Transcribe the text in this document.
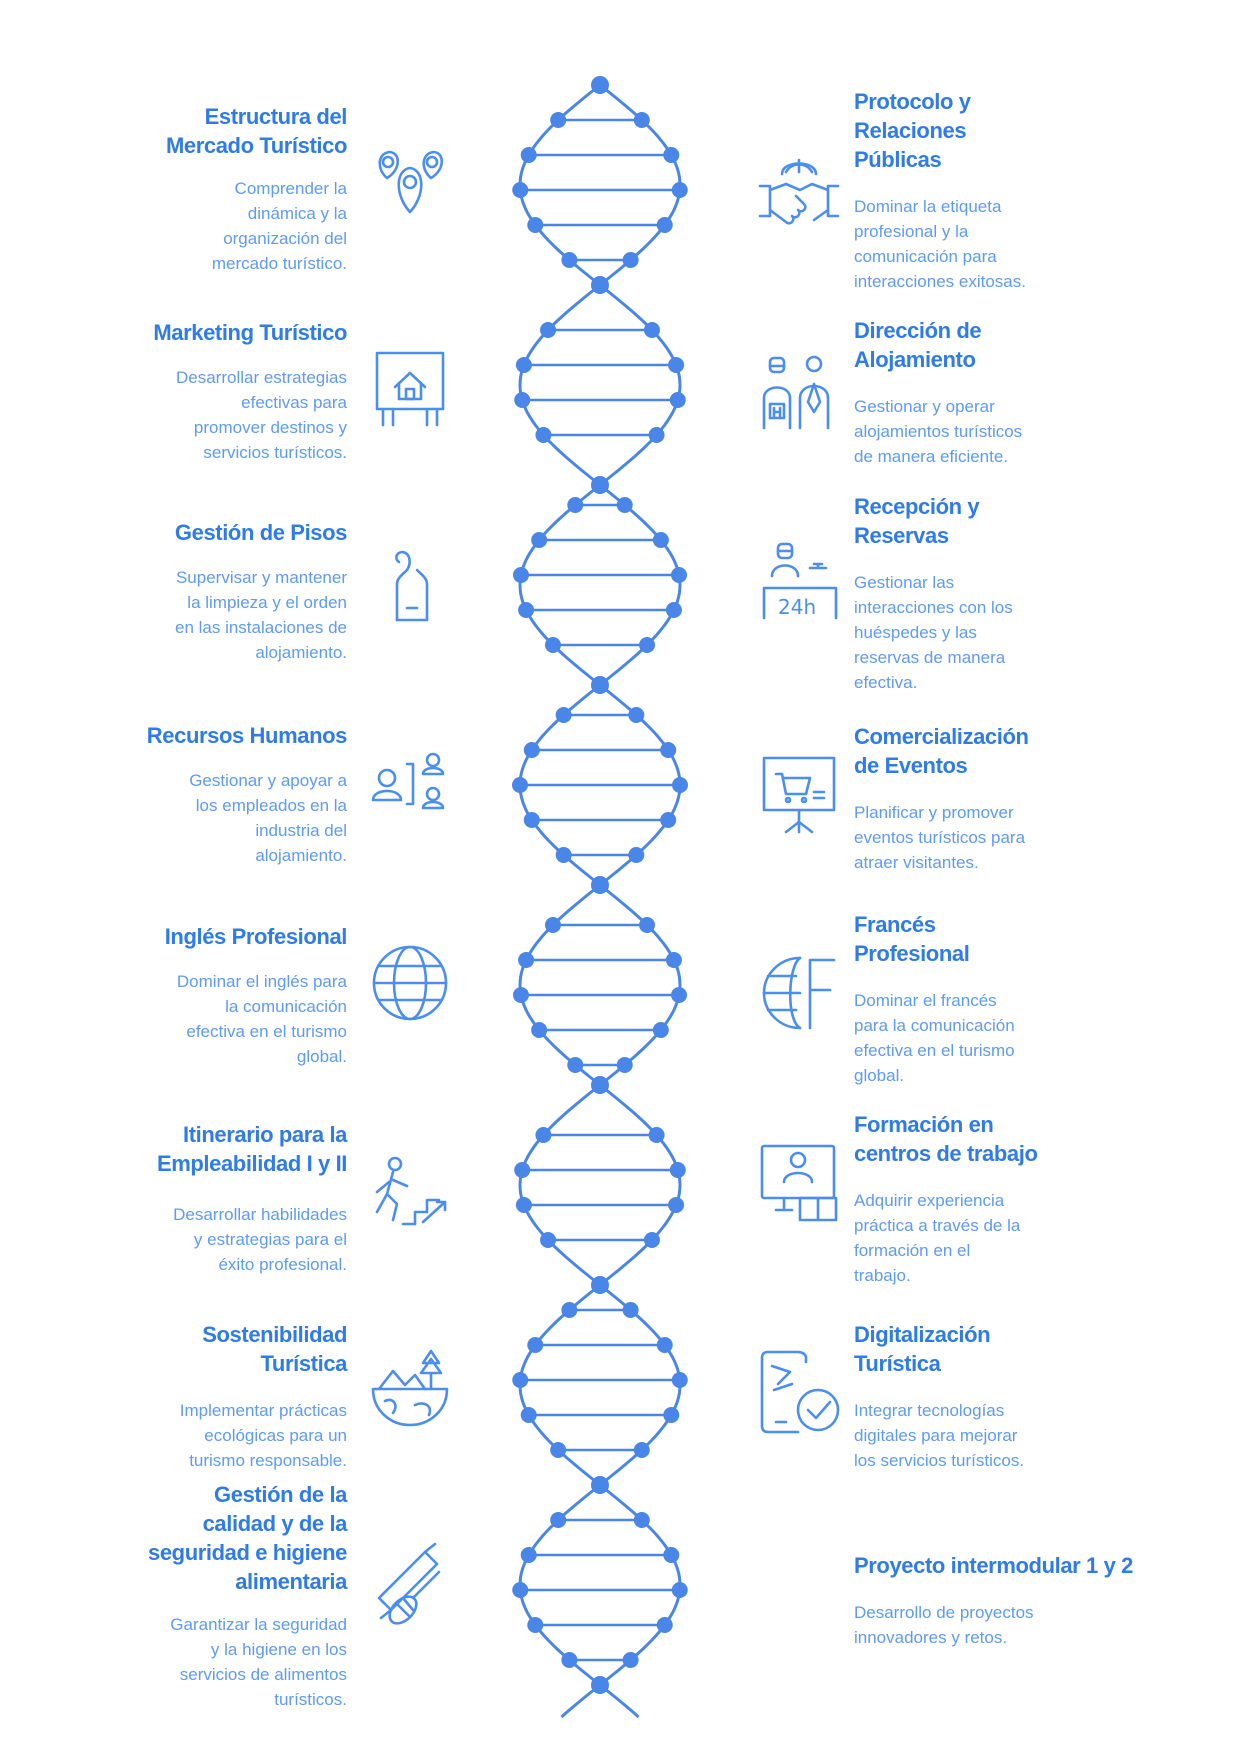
Estructura del
Mercado Turístico
Comprender la
dinámica y la
organización del
mercado turístico.
Marketing Turístico
Desarrollar estrategias
efectivas para
promover destinos y
servicios turísticos.
Gestión de Pisos
Supervisar y mantener
la limpieza y el orden
en las instalaciones de
alojamiento.
Recursos Humanos
Gestionar y apoyar a
los empleados en la
industria del
alojamiento.
Inglés Profesional
Dominar el inglés para
la comunicación
efectiva en el turismo
global.
Itinerario para la
Empleabilidad I y II
Desarrollar habilidades
y estrategias para el
éxito profesional.
Sostenibilidad
Turística
Implementar prácticas
ecológicas para un
turismo responsable.
Gestión de la
calidad y de la
seguridad e higiene
alimentaria
Garantizar la seguridad
y la higiene en los
servicios de alimentos
turísticos.
Protocolo y
Relaciones
Públicas
Dominar la etiqueta
profesional y la
comunicación para
interacciones exitosas.
Dirección de
Alojamiento
Gestionar y operar
alojamientos turísticos
de manera eficiente.
Recepción y
Reservas
Gestionar las
interacciones con los
huéspedes y las
reservas de manera
efectiva.
Comercialización
de Eventos
Planificar y promover
eventos turísticos para
atraer visitantes.
Francés
Profesional
Dominar el francés
para la comunicación
efectiva en el turismo
global.
Formación en
centros de trabajo
Adquirir experiencia
práctica a través de la
formación en el
trabajo.
Digitalización
Turística
Integrar tecnologías
digitales para mejorar
los servicios turísticos.
Proyecto intermodular 1 y 2
Desarrollo de proyectos
innovadores y retos.
24h
